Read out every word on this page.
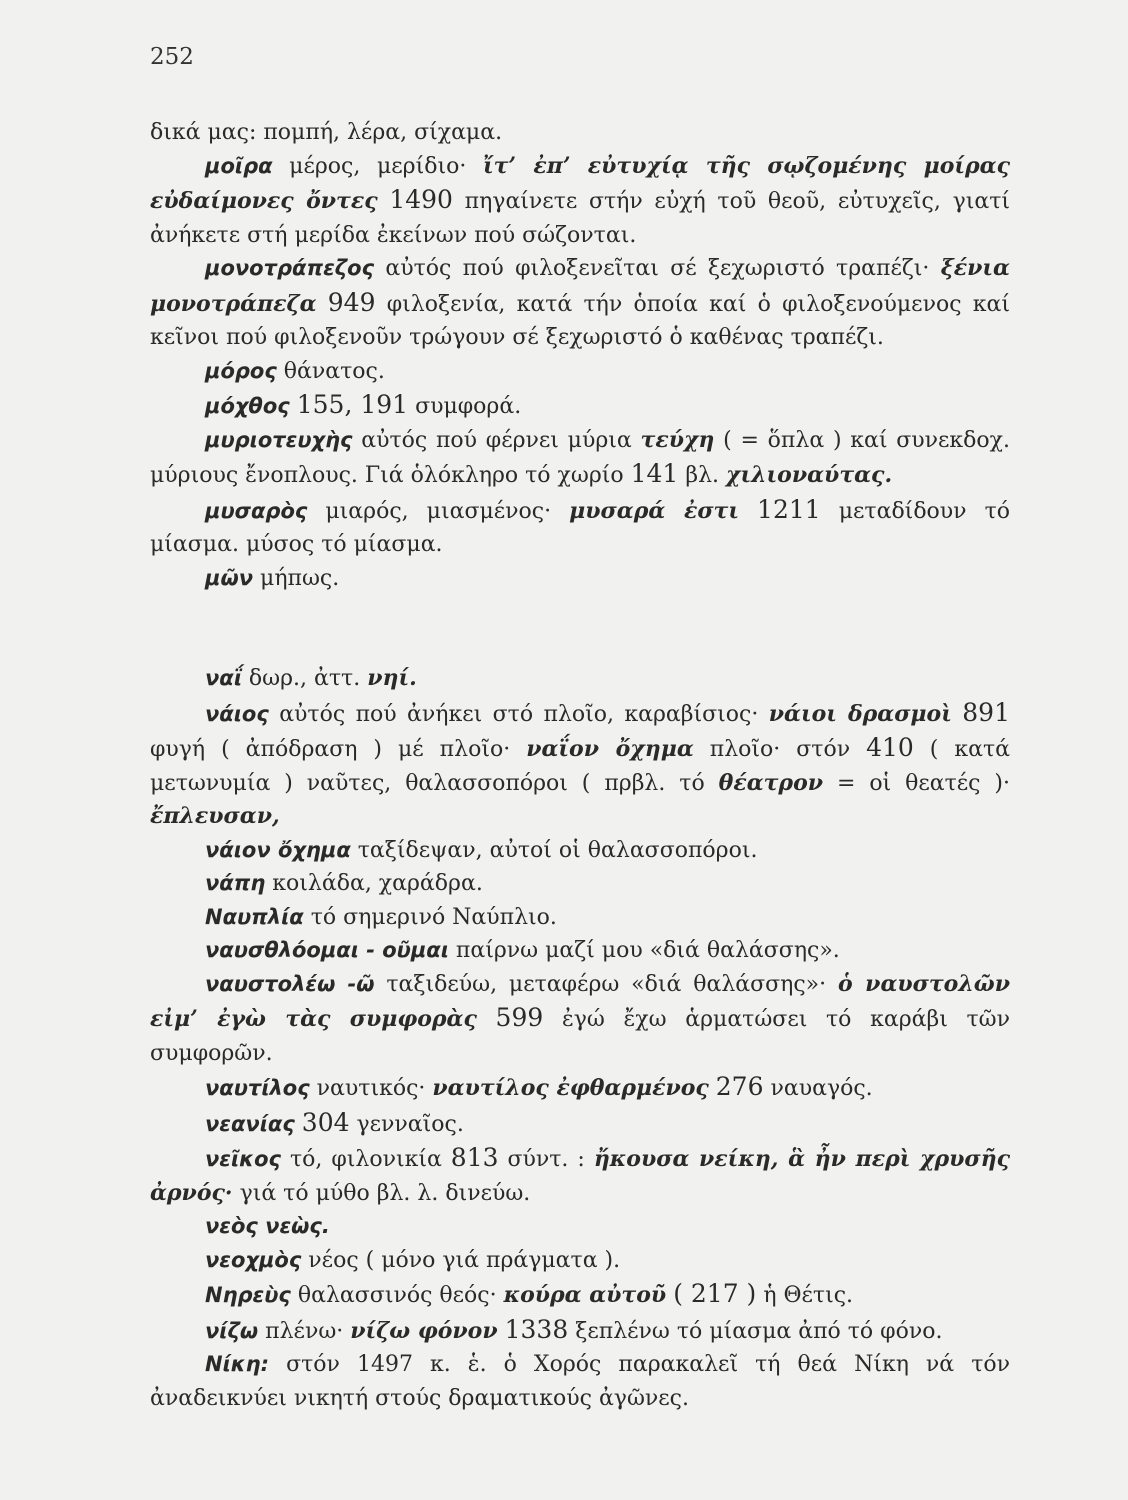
252

δικά μας: πομπή, λέρα, σίχαμα.

μοῖρα μέρος, μερίδιο· ἴτ’ ἐπ’ εὐτυχίᾳ τῆς σῳζομένης μοίρας εὐδαίμονες ὄντες 1490 πηγαίνετε στήν εὐχή τοῦ θεοῦ, εὐτυχεῖς, γιατί ἀνήκετε στή μερίδα ἐκείνων πού σώζονται.

μονοτράπεζος αὐτός πού φιλοξενεῖται σέ ξεχωριστό τραπέζι· ξένια μονοτράπεζα 949 φιλοξενία, κατά τήν ὁποία καί ὁ φιλοξενούμενος καί κεῖνοι πού φιλοξενοῦν τρώγουν σέ ξεχωριστό ὁ καθένας τραπέζι.

μόρος θάνατος.

μόχθος 155, 191 συμφορά.

μυριοτευχὴς αὐτός πού φέρνει μύρια τεύχη ( = ὅπλα ) καί συνεκδοχ. μύριους ἔνοπλους. Γιά ὁλόκληρο τό χωρίο 141 βλ. χιλιοναύτας.

μυσαρὸς μιαρός, μιασμένος· μυσαρά ἐστι 1211 μεταδίδουν τό μίασμα. μύσος τό μίασμα.

μῶν μήπως.

ναΐ δωρ., ἀττ. νηί.

νάιος αὐτός πού ἀνήκει στό πλοῖο, καραβίσιος· νάιοι δρασμοὶ 891 φυγή ( ἀπόδραση ) μέ πλοῖο· ναΐον ὄχημα πλοῖο· στόν 410 ( κατά μετωνυμία ) ναῦτες, θαλασσοπόροι ( πρβλ. τό θέατρον = οἱ θεατές )· ἔπλευσαν,

νάιον ὄχημα ταξίδεψαν, αὐτοί οἱ θαλασσοπόροι.

νάπη κοιλάδα, χαράδρα.

Ναυπλία τό σημερινό Ναύπλιο.

ναυσθλόομαι - οῦμαι παίρνω μαζί μου «διά θαλάσσης».

ναυστολέω -ῶ ταξιδεύω, μεταφέρω «διά θαλάσσης»· ὁ ναυστολῶν εἰμ’ ἐγὼ τὰς συμφορὰς 599 ἐγώ ἔχω ἁρματώσει τό καράβι τῶν συμφορῶν.

ναυτίλος ναυτικός· ναυτίλος ἐφθαρμένος 276 ναυαγός.

νεανίας 304 γενναῖος.

νεῖκος τό, φιλονικία 813 σύντ. : ἤκουσα νείκη, ἃ ἦν περὶ χρυσῆς ἀρνός· γιά τό μύθο βλ. λ. δινεύω.

νεὸς νεὼς.

νεοχμὸς νέος ( μόνο γιά πράγματα ).

Νηρεὺς θαλασσινός θεός· κούρα αὐτοῦ ( 217 ) ἡ Θέτις.

νίζω πλένω· νίζω φόνον 1338 ξεπλένω τό μίασμα ἀπό τό φόνο.

Νίκη: στόν 1497 κ. ἑ. ὁ Χορός παρακαλεῖ τή θεά Νίκη νά τόν ἀναδεικνύει νικητή στούς δραματικούς ἀγῶνες.
